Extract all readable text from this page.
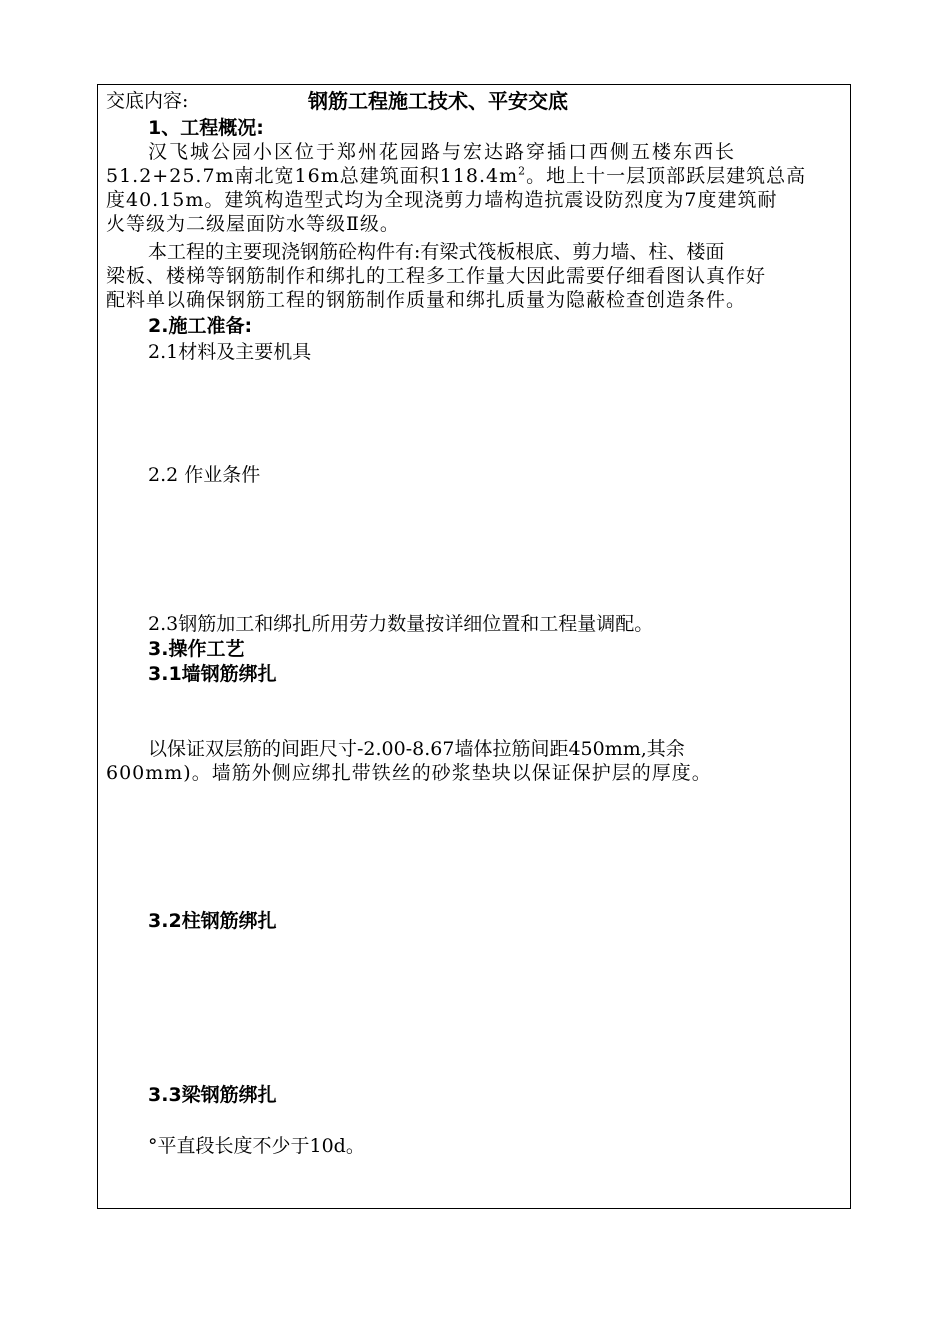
交底内容:	钢筋工程施工技术、平安交底
1、工程概况:
汉飞城公园小区位于郑州花园路与宏达路穿插口西侧五楼东西长
51.2+25.7m南北宽16m总建筑面积$118.4m^2$。地上十一层顶部跃层建筑总高
度40.15m。建筑构造型式均为全现浇剪力墙构造抗震设防烈度为7度建筑耐
火等级为二级屋面防水等级Ⅱ级。
本工程的主要现浇钢筋砼构件有:有梁式筏板根底、剪力墙、柱、楼面
梁板、楼梯等钢筋制作和绑扎的工程多工作量大因此需要仔细看图认真作好
配料单以确保钢筋工程的钢筋制作质量和绑扎质量为隐蔽检查创造条件。
2.施工准备:
2.1材料及主要机具
2.2 作业条件
2.3钢筋加工和绑扎所用劳力数量按详细位置和工程量调配。
3.操作工艺
3.1墙钢筋绑扎
以保证双层筋的间距尺寸-2.00-8.67墙体拉筋间距450mm,其余
600mm)。墙筋外侧应绑扎带铁丝的砂浆垫块以保证保护层的厚度。
3.2柱钢筋绑扎
3.3梁钢筋绑扎
°平直段长度不少于10d。
